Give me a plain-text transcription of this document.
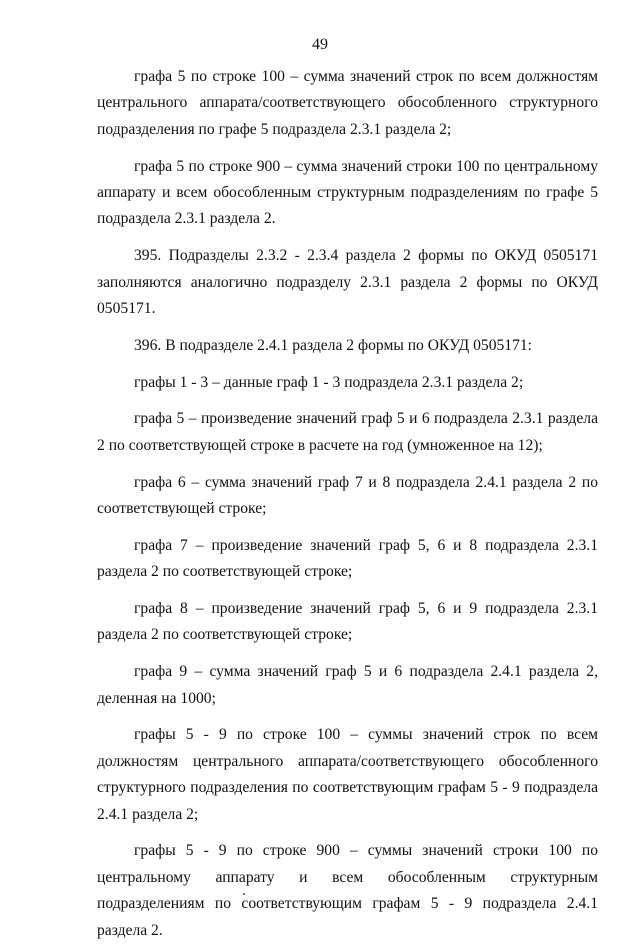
49

графа 5 по строке 100 – сумма значений строк по всем должностям центрального аппарата/соответствующего обособленного структурного подразделения по графе 5 подраздела 2.3.1 раздела 2;

графа 5 по строке 900 – сумма значений строки 100 по центральному аппарату и всем обособленным структурным подразделениям по графе 5 подраздела 2.3.1 раздела 2.

395. Подразделы 2.3.2 - 2.3.4 раздела 2 формы по ОКУД 0505171 заполняются аналогично подразделу 2.3.1 раздела 2 формы по ОКУД 0505171.

396. В подразделе 2.4.1 раздела 2 формы по ОКУД 0505171:

графы 1 - 3 – данные граф 1 - 3 подраздела 2.3.1 раздела 2;

графа 5 – произведение значений граф 5 и 6 подраздела 2.3.1 раздела 2 по соответствующей строке в расчете на год (умноженное на 12);

графа 6 – сумма значений граф 7 и 8 подраздела 2.4.1 раздела 2 по соответствующей строке;

графа 7 – произведение значений граф 5, 6 и 8 подраздела 2.3.1 раздела 2 по соответствующей строке;

графа 8 – произведение значений граф 5, 6 и 9 подраздела 2.3.1 раздела 2 по соответствующей строке;

графа 9 – сумма значений граф 5 и 6 подраздела 2.4.1 раздела 2, деленная на 1000;

графы 5 - 9 по строке 100 – суммы значений строк по всем должностям центрального аппарата/соответствующего обособленного структурного подразделения по соответствующим графам 5 - 9 подраздела 2.4.1 раздела 2;

графы 5 - 9 по строке 900 – суммы значений строки 100 по центральному аппарату и всем обособленным структурным подразделениям по соответствующим графам 5 - 9 подраздела 2.4.1 раздела 2.
